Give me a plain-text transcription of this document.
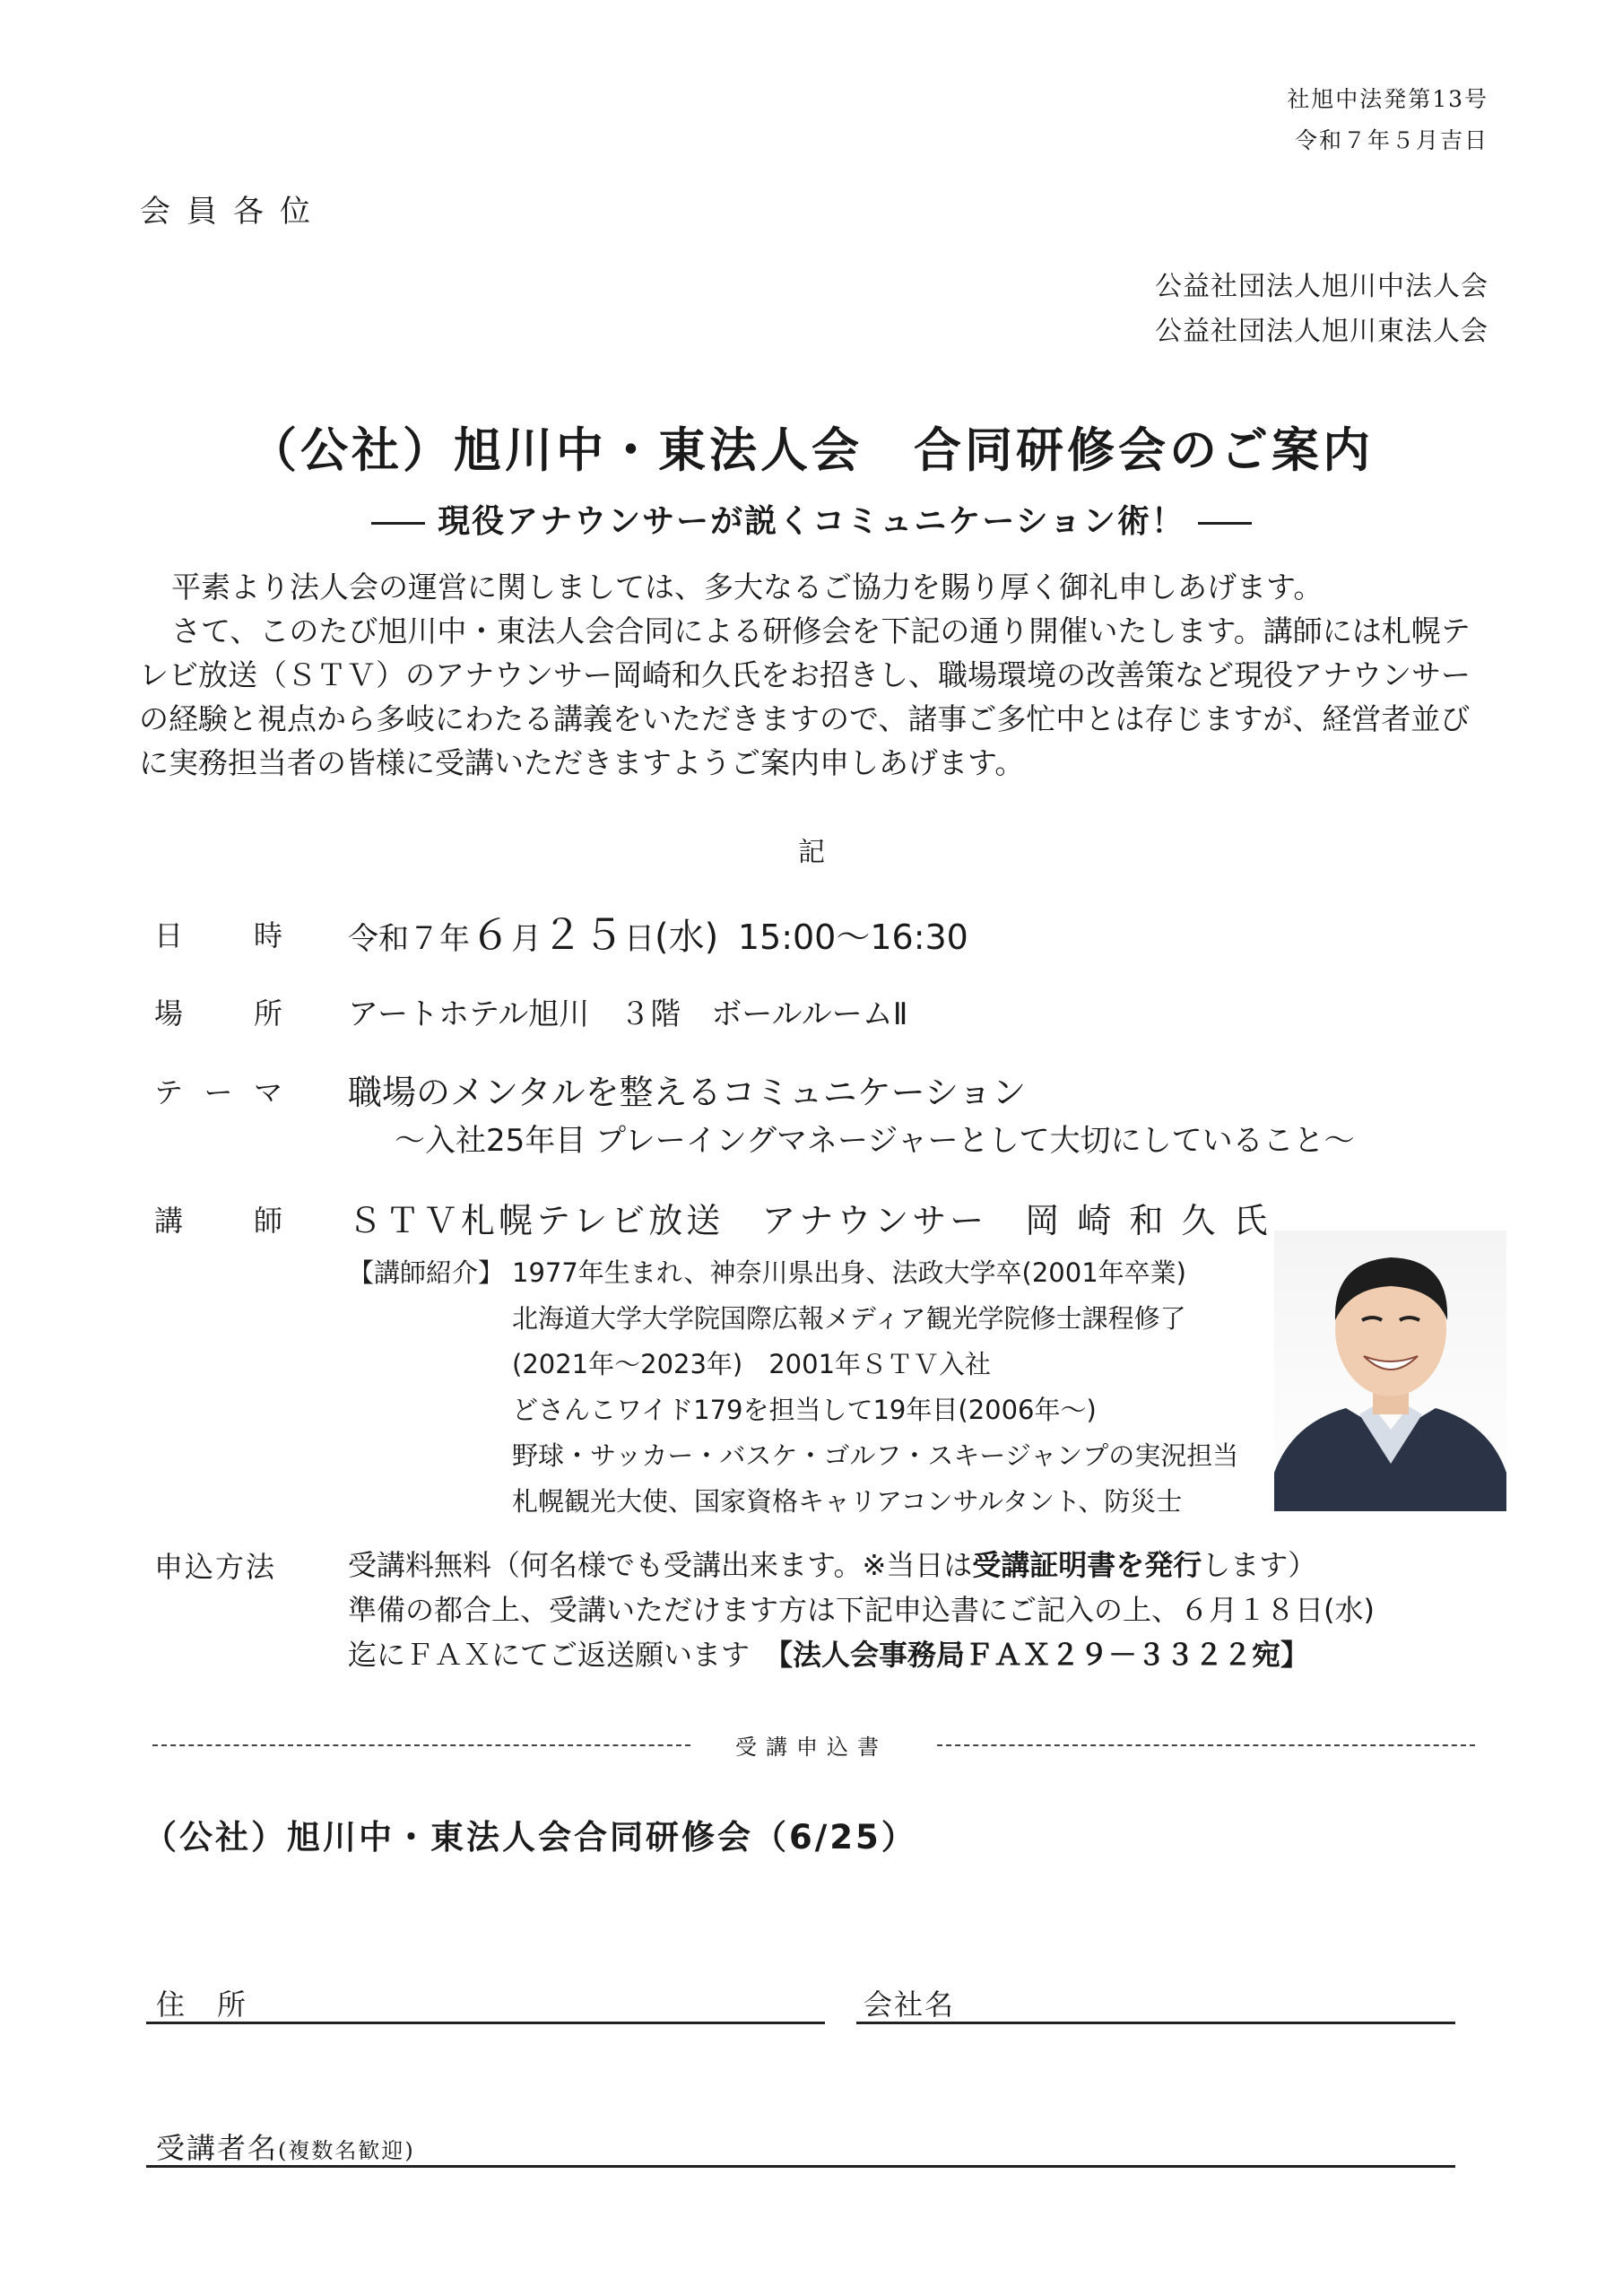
社旭中法発第13号
令和７年５月吉日
会員各位
公益社団法人旭川中法人会
公益社団法人旭川東法人会
（公社）旭川中・東法人会　合同研修会のご案内
現役アナウンサーが説くコミュニケーション術！

平素より法人会の運営に関しましては、多大なるご協力を賜り厚く御礼申しあげます。

さて、このたび旭川中・東法人会合同による研修会を下記の通り開催いたします。講師には札幌テレビ放送（ＳＴＶ）のアナウンサー岡崎和久氏をお招きし、職場環境の改善策など現役アナウンサーの経験と視点から多岐にわたる講義をいただきますので、諸事ご多忙中とは存じますが、経営者並びに実務担当者の皆様に受講いただきますようご案内申しあげます。

記
日時 令和７年６月２５日(水) 15:00〜16:30
場所 アートホテル旭川　３階　ボールルームⅡ
テーマ 職場のメンタルを整えるコミュニケーション
〜入社25年目 プレーイングマネージャーとして大切にしていること〜
講師 ＳＴＶ札幌テレビ放送　アナウンサー　岡 崎 和 久 氏
【講師紹介】 1977年生まれ、神奈川県出身、法政大学卒(2001年卒業)
北海道大学大学院国際広報メディア観光学院修士課程修了
(2021年〜2023年)　2001年ＳＴＶ入社
どさんこワイド179を担当して19年目(2006年〜)
野球・サッカー・バスケ・ゴルフ・スキージャンプの実況担当
札幌観光大使、国家資格キャリアコンサルタント、防災士
申込方法 受講料無料（何名様でも受講出来ます。※当日は受講証明書を発行します）
準備の都合上、受講いただけます方は下記申込書にご記入の上、６月１８日(水)
迄にＦＡＸにてご返送願います　【法人会事務局ＦＡＸ２９－３３２２宛】
受講申込書
（公社）旭川中・東法人会合同研修会（6/25）
住　所	会社名
受講者名(複数名歓迎)
